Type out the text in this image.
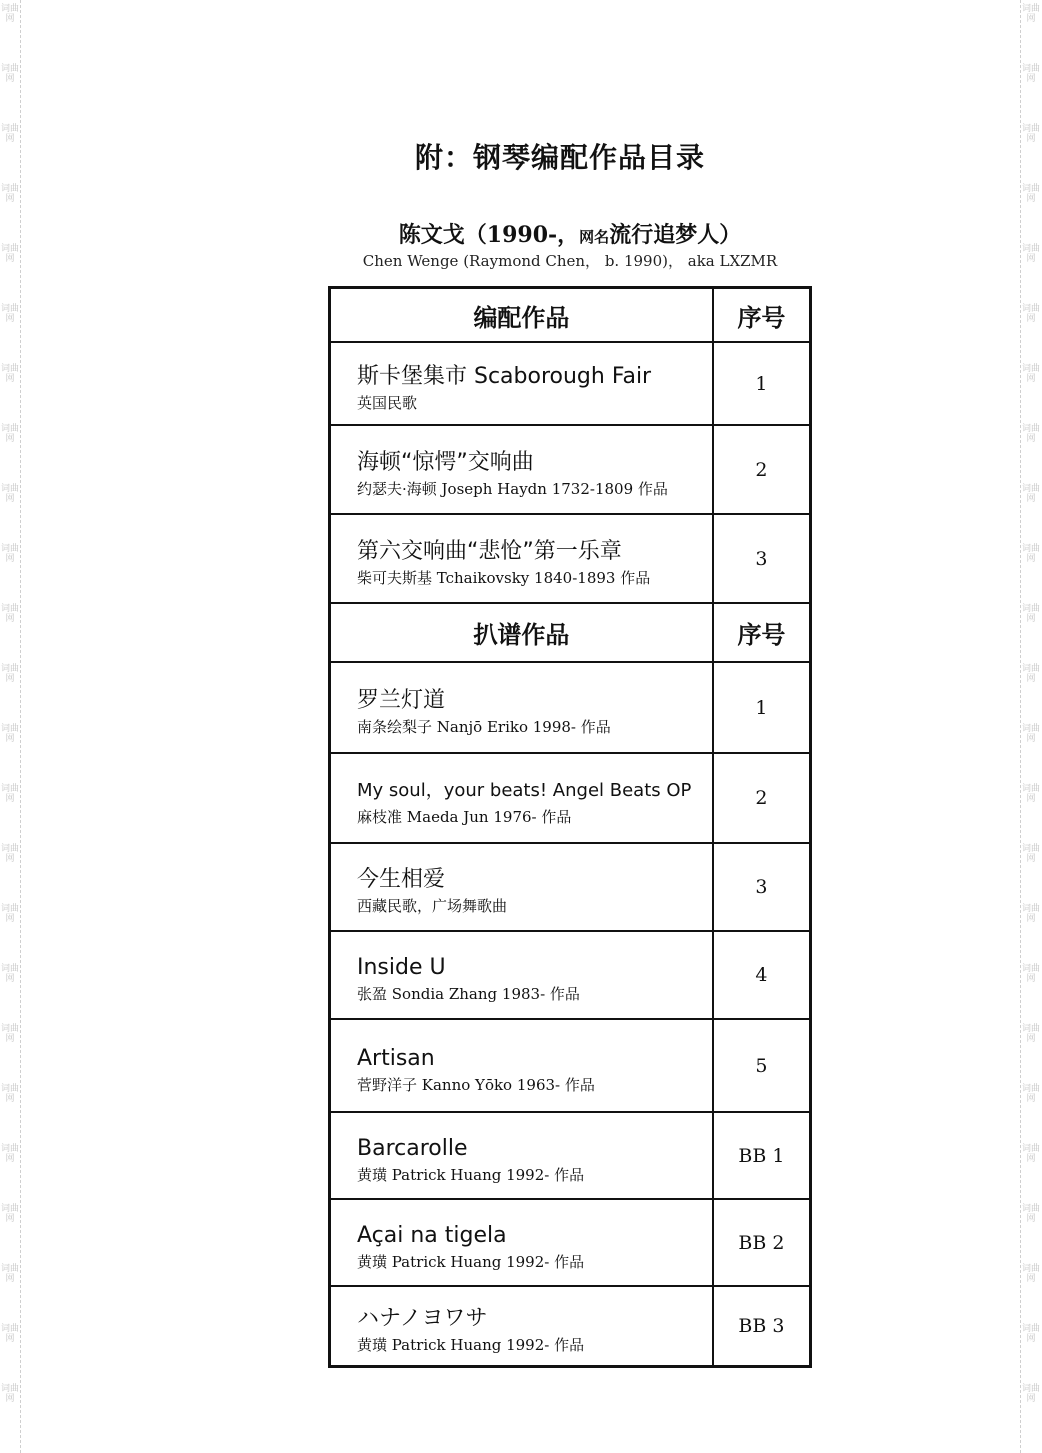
词曲网
词曲网
词曲网
词曲网
词曲网
词曲网
词曲网
词曲网
词曲网
词曲网
词曲网
词曲网
词曲网
词曲网
词曲网
词曲网
词曲网
词曲网
词曲网
词曲网
词曲网
词曲网
词曲网
词曲网
词曲网
词曲网
词曲网
词曲网
词曲网
词曲网
词曲网
词曲网
词曲网
词曲网
词曲网
词曲网
词曲网
词曲网
词曲网
词曲网
词曲网
词曲网
词曲网
词曲网
词曲网
词曲网
词曲网
词曲网
附：钢琴编配作品目录
陈文戈（1990-，网名流行追梦人）
Chen Wenge (Raymond Chen， b. 1990)， aka LXZMR
编配作品	序号

斯卡堡集市 Scaborough Fair
英国民歌	1

海顿“惊愕”交响曲
约瑟夫·海顿 Joseph Haydn 1732-1809 作品	2

第六交响曲“悲怆”第一乐章
柴可夫斯基 Tchaikovsky 1840-1893 作品	3
扒谱作品	序号

罗兰灯道
南条绘梨子 Nanjō Eriko 1998- 作品	1

My soul，your beats! Angel Beats OP
麻枝准 Maeda Jun 1976- 作品	2

今生相爱
西藏民歌，广场舞歌曲	3

Inside U
张盈 Sondia Zhang 1983- 作品	4

Artisan
菅野洋子 Kanno Yōko 1963- 作品	5

Barcarolle
黄璜 Patrick Huang 1992- 作品	BB 1

Açai na tigela
黄璜 Patrick Huang 1992- 作品	BB 2

ハナノヨワサ
黄璜 Patrick Huang 1992- 作品	BB 3
